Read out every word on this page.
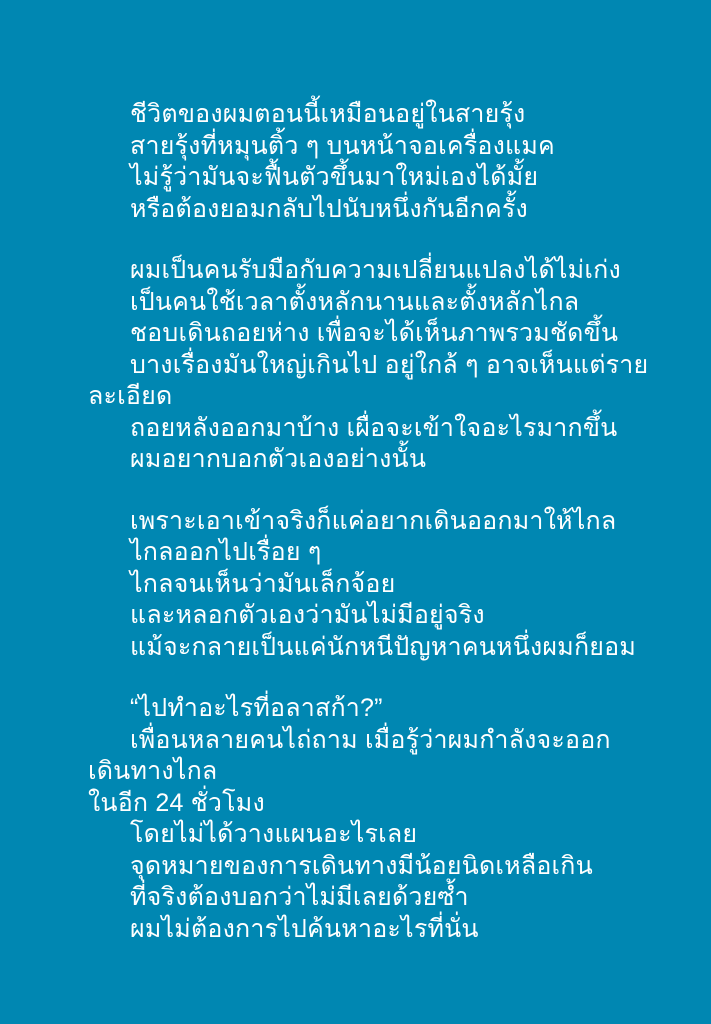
ชีวิตของผมตอนนี้เหมือนอยู่ในสายรุ้ง
สายรุ้งที่หมุนติ้ว ๆ บนหน้าจอเครื่องแมค
ไม่รู้ว่ามันจะฟื้นตัวขึ้นมาใหม่เองได้มั้ย
หรือต้องยอมกลับไปนับหนึ่งกันอีกครั้ง
ผมเป็นคนรับมือกับความเปลี่ยนแปลงได้ไม่เก่ง
เป็นคนใช้เวลาตั้งหลักนานและตั้งหลักไกล
ชอบเดินถอยห่าง เพื่อจะได้เห็นภาพรวมชัดขึ้น
บางเรื่องมันใหญ่เกินไป อยู่ใกล้ ๆ อาจเห็นแต่รายละเอียด
ถอยหลังออกมาบ้าง เผื่อจะเข้าใจอะไรมากขึ้น
ผมอยากบอกตัวเองอย่างนั้น
เพราะเอาเข้าจริงก็แค่อยากเดินออกมาให้ไกล
ไกลออกไปเรื่อย ๆ
ไกลจนเห็นว่ามันเล็กจ้อย
และหลอกตัวเองว่ามันไม่มีอยู่จริง
แม้จะกลายเป็นแค่นักหนีปัญหาคนหนึ่งผมก็ยอม
“ไปทำอะไรที่อลาสก้า?”
เพื่อนหลายคนไถ่ถาม เมื่อรู้ว่าผมกำลังจะออกเดินทางไกล
ในอีก 24 ชั่วโมง
โดยไม่ได้วางแผนอะไรเลย
จุดหมายของการเดินทางมีน้อยนิดเหลือเกิน
ที่จริงต้องบอกว่าไม่มีเลยด้วยซ้ำ
ผมไม่ต้องการไปค้นหาอะไรที่นั่น
